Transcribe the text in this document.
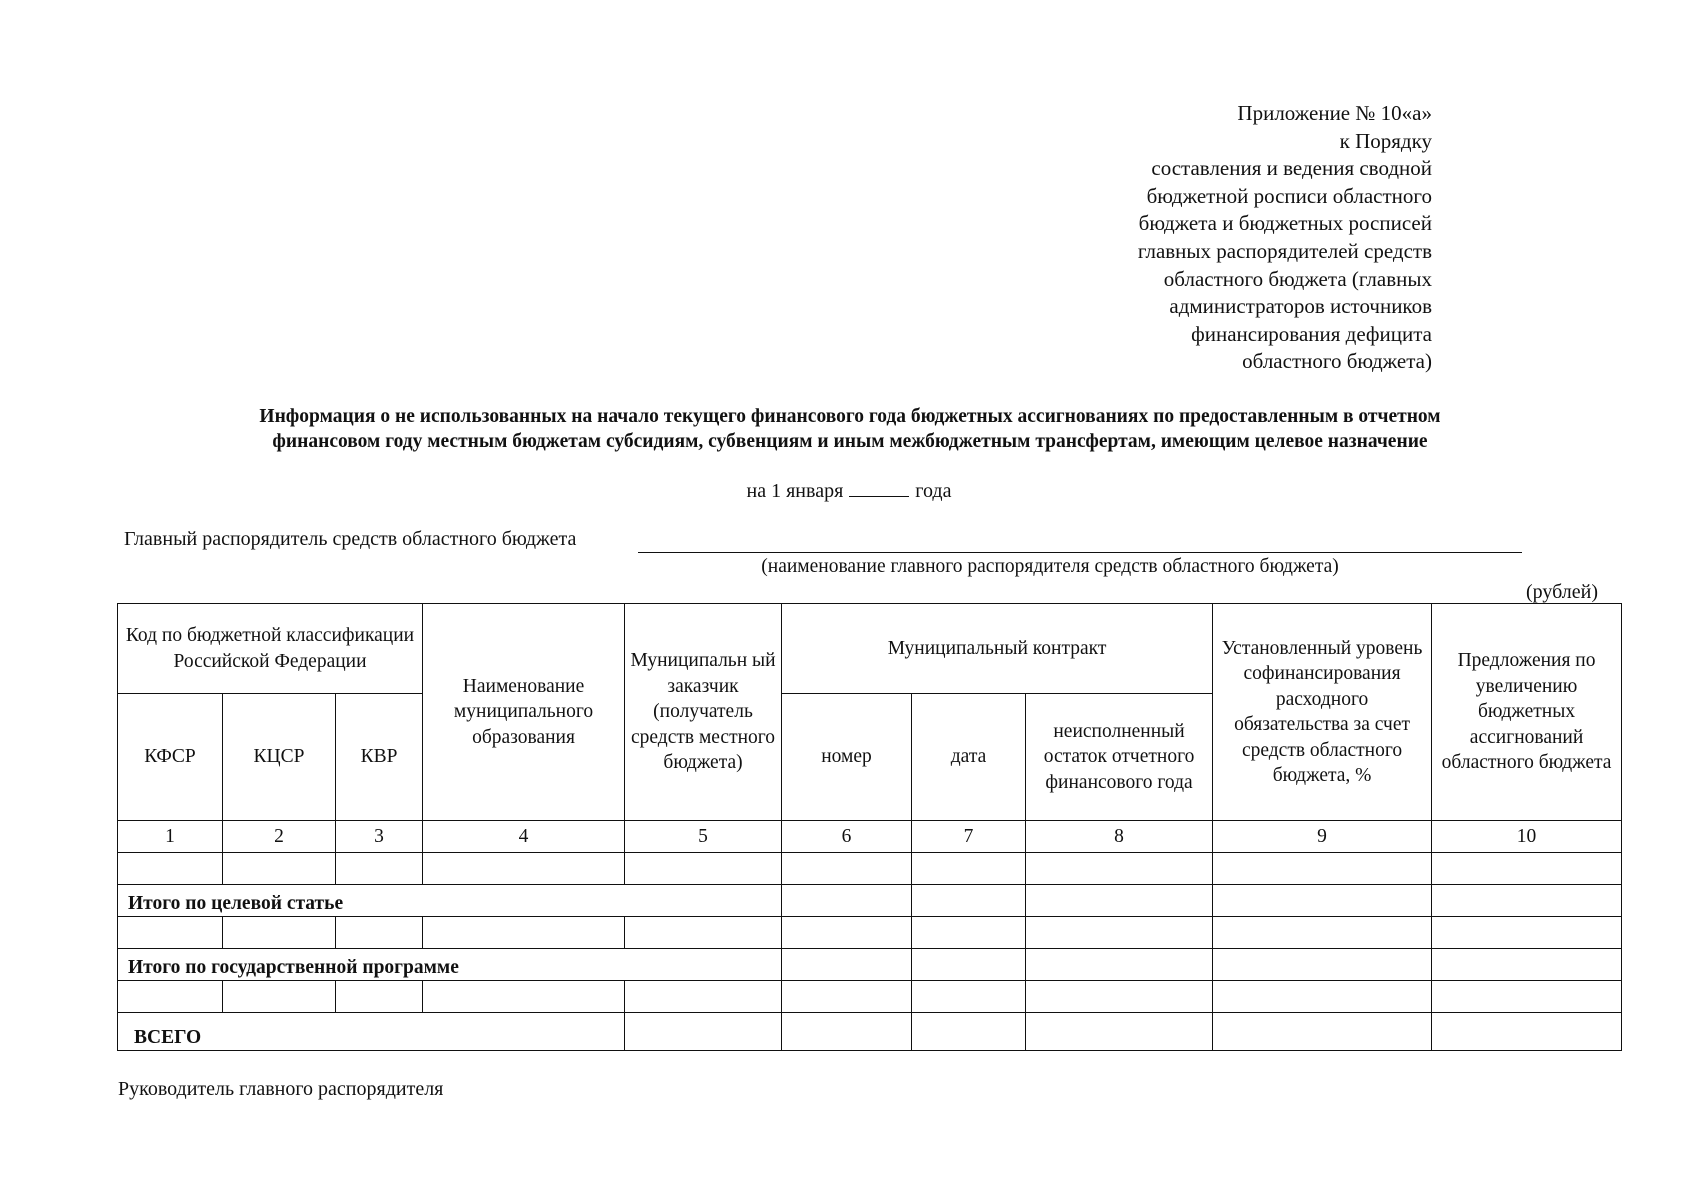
Приложение № 10«а»
к Порядку
составления и ведения сводной
бюджетной росписи областного
бюджета и бюджетных росписей
главных распорядителей средств
областного бюджета (главных
администраторов источников
финансирования дефицита
областного бюджета)
Информация о не использованных на начало текущего финансового года бюджетных ассигнованиях по предоставленным в отчетном
финансовом году местным бюджетам субсидиям, субвенциям и иным межбюджетным трансфертам, имеющим целевое назначение
на 1 января	года
Главный распорядитель средств областного бюджета
(наименование главного распорядителя средств областного бюджета)
(рублей)
Код по бюджетной классификации Российской Федерации			Наименование муниципального образования	Муниципальн ый заказчик (получатель средств местного бюджета)	Муниципальный контракт			Установленный уровень софинансирования расходного обязательства за счет средств областного бюджета, %	Предложения по увеличению бюджетных ассигнований областного бюджета
КФСР	КЦСР	КВР			номер	дата	неисполненный остаток отчетного финансового года		
1	2	3	4	5	6	7	8	9	10

Итого по целевой статье									

Итого по государственной программе									

ВСЕГО									
Руководитель главного распорядителя
